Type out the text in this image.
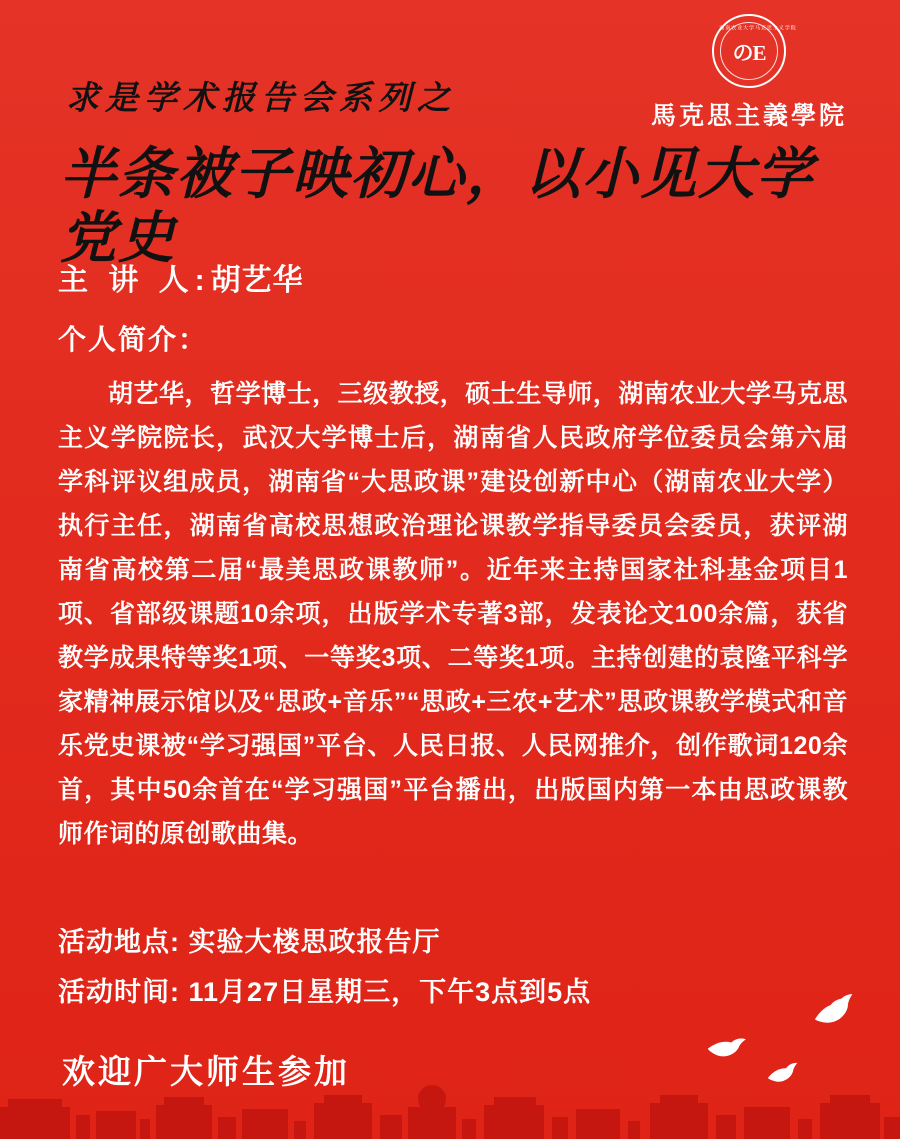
湖南农业大学马克思主义学院
のE
馬克思主義學院
求是学术报告会系列之
半条被子映初心，以小见大学党史
主 讲 人:胡艺华
个人简介：
胡艺华，哲学博士，三级教授，硕士生导师，湖南农业大学马克思主义学院院长，武汉大学博士后，湖南省人民政府学位委员会第六届学科评议组成员，湖南省“大思政课”建设创新中心（湖南农业大学）执行主任，湖南省高校思想政治理论课教学指导委员会委员，获评湖南省高校第二届“最美思政课教师”。近年来主持国家社科基金项目1项、省部级课题10余项，出版学术专著3部，发表论文100余篇，获省教学成果特等奖1项、一等奖3项、二等奖1项。主持创建的袁隆平科学家精神展示馆以及“思政+音乐”“思政+三农+艺术”思政课教学模式和音乐党史课被“学习强国”平台、人民日报、人民网推介，创作歌词120余首，其中50余首在“学习强国”平台播出，出版国内第一本由思政课教师作词的原创歌曲集。
活动地点: 实验大楼思政报告厅
活动时间: 11月27日星期三，下午3点到5点
欢迎广大师生参加
